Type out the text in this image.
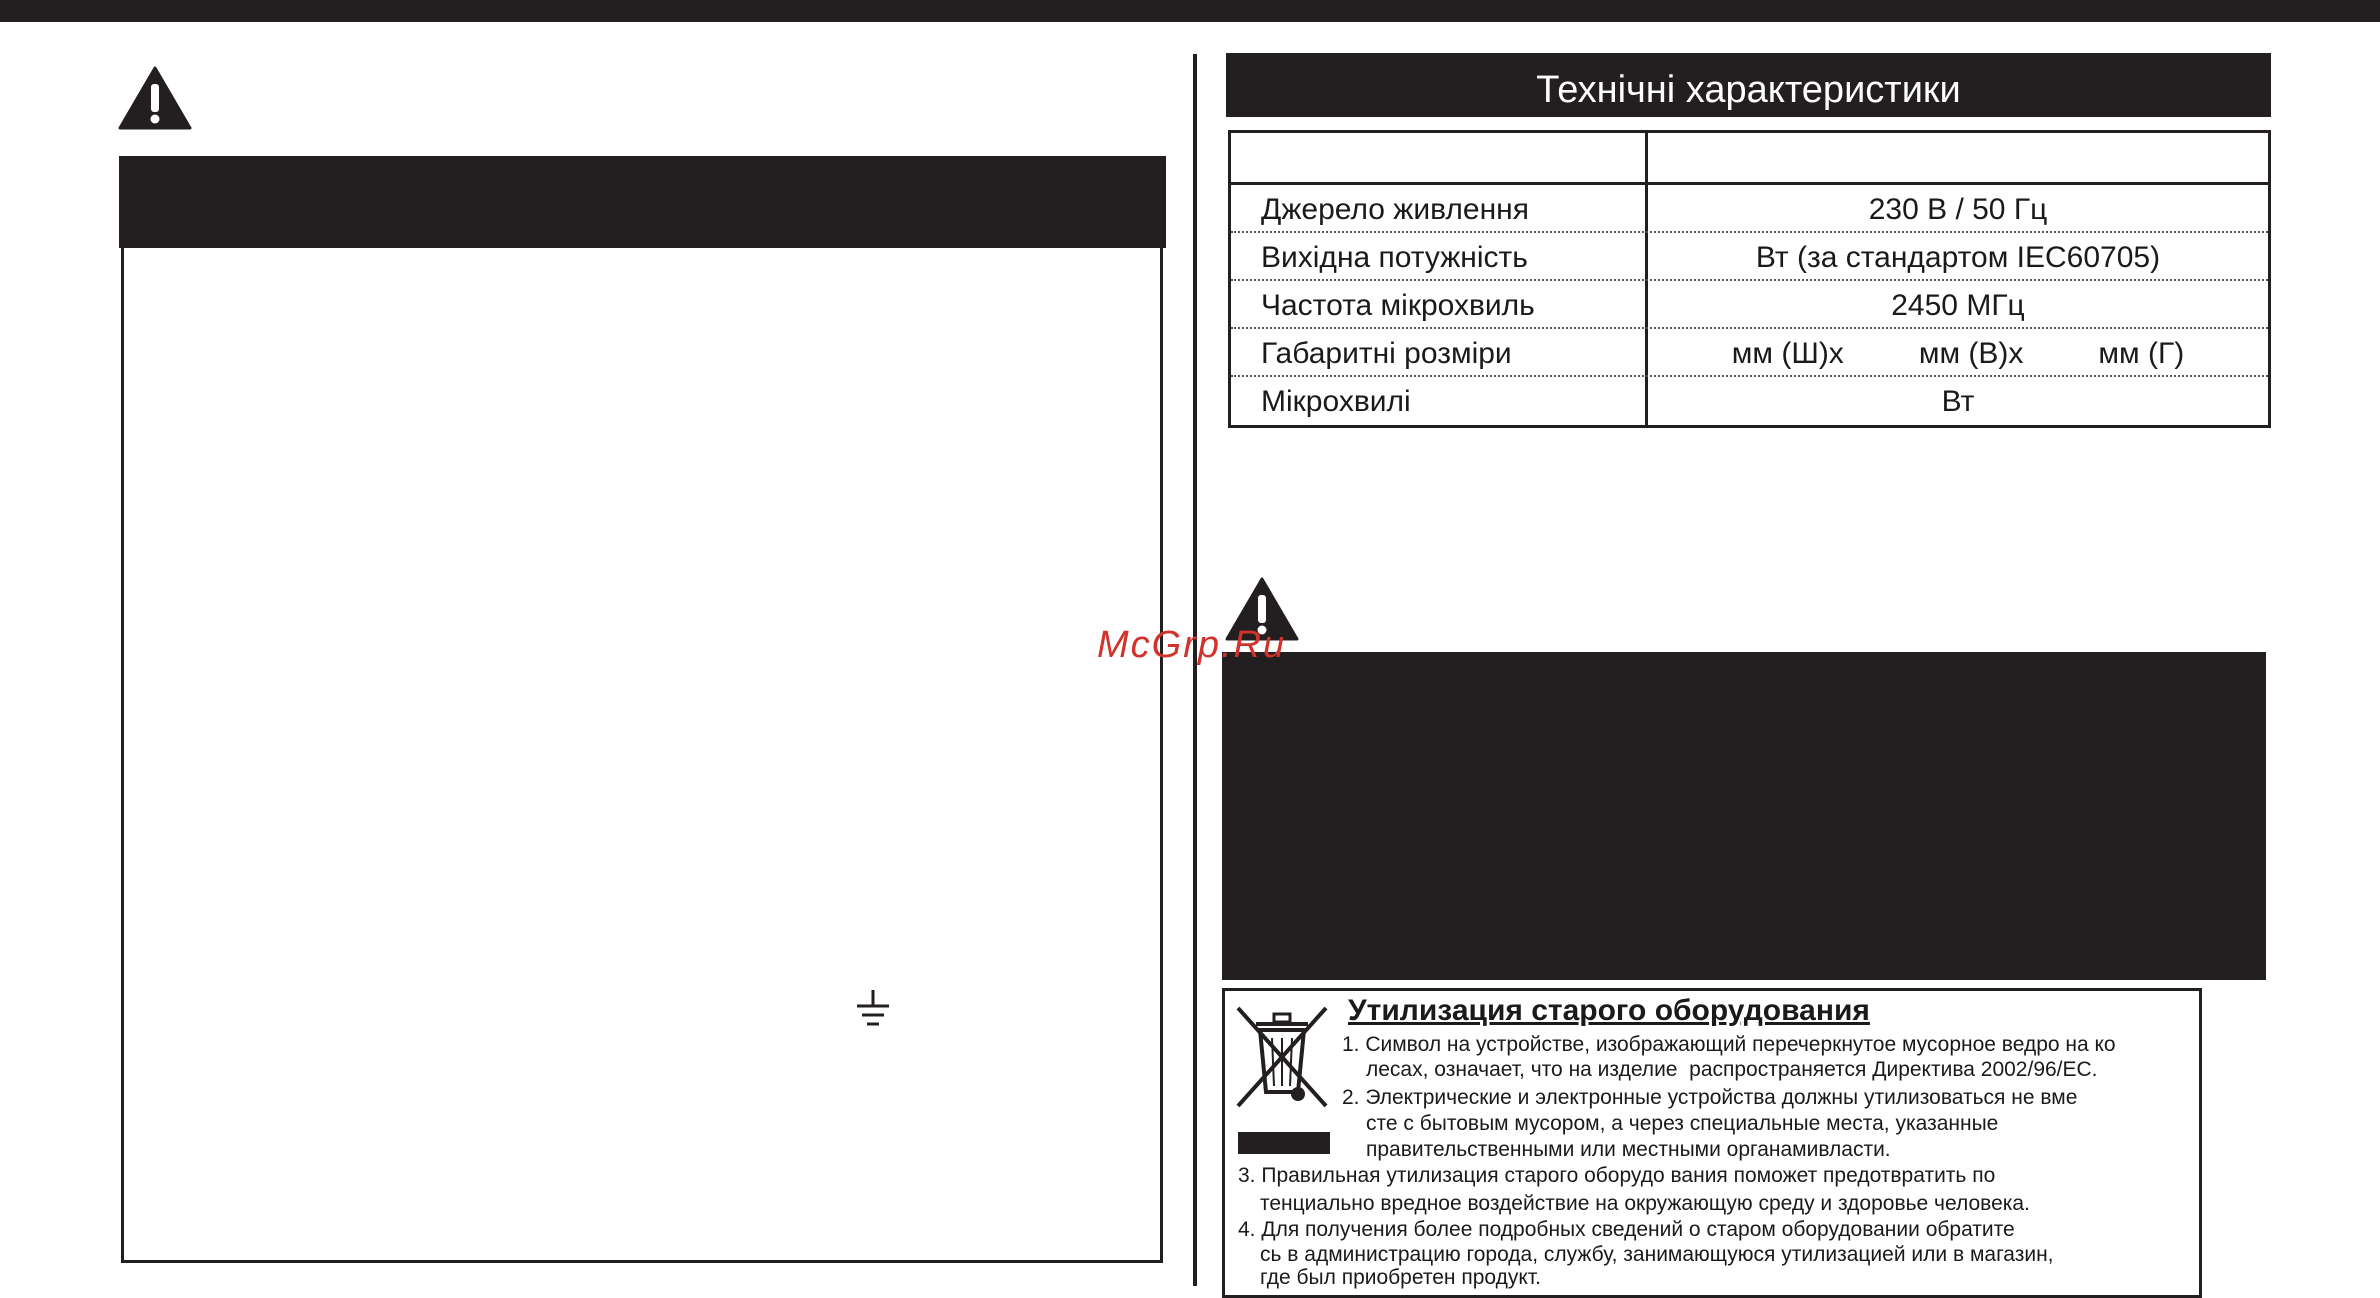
Технічні характеристики
Джерело живлення	230 В / 50 Гц
Вихідна потужність	Вт (за стандартом IEC60705)
Частота мікрохвиль	2450 МГц
Габаритні розміри	мм (Ш)х         мм (В)х         мм (Г)
Мікрохвилі	Вт
McGrp.Ru
Утилизация старого оборудования
1. Символ на устройстве, изображающий перечеркнутое мусорное ведро на ко
лесах, означает, что на изделие  распространяется Директива 2002/96/ЕС.
2. Электрические и электронные устройства должны утилизоваться не вме
сте с бытовым мусором, а через специальные места, указанные
правительственными или местными органамивласти.
3. Правильная утилизация старого оборудо вания поможет предотвратить по
тенциально вредное воздействие на окружающую среду и здоровье человека.
4. Для получения более подробных сведений о старом оборудовании обратите
сь в администрацию города, службу, занимающуюся утилизацией или в магазин,
где был приобретен продукт.
